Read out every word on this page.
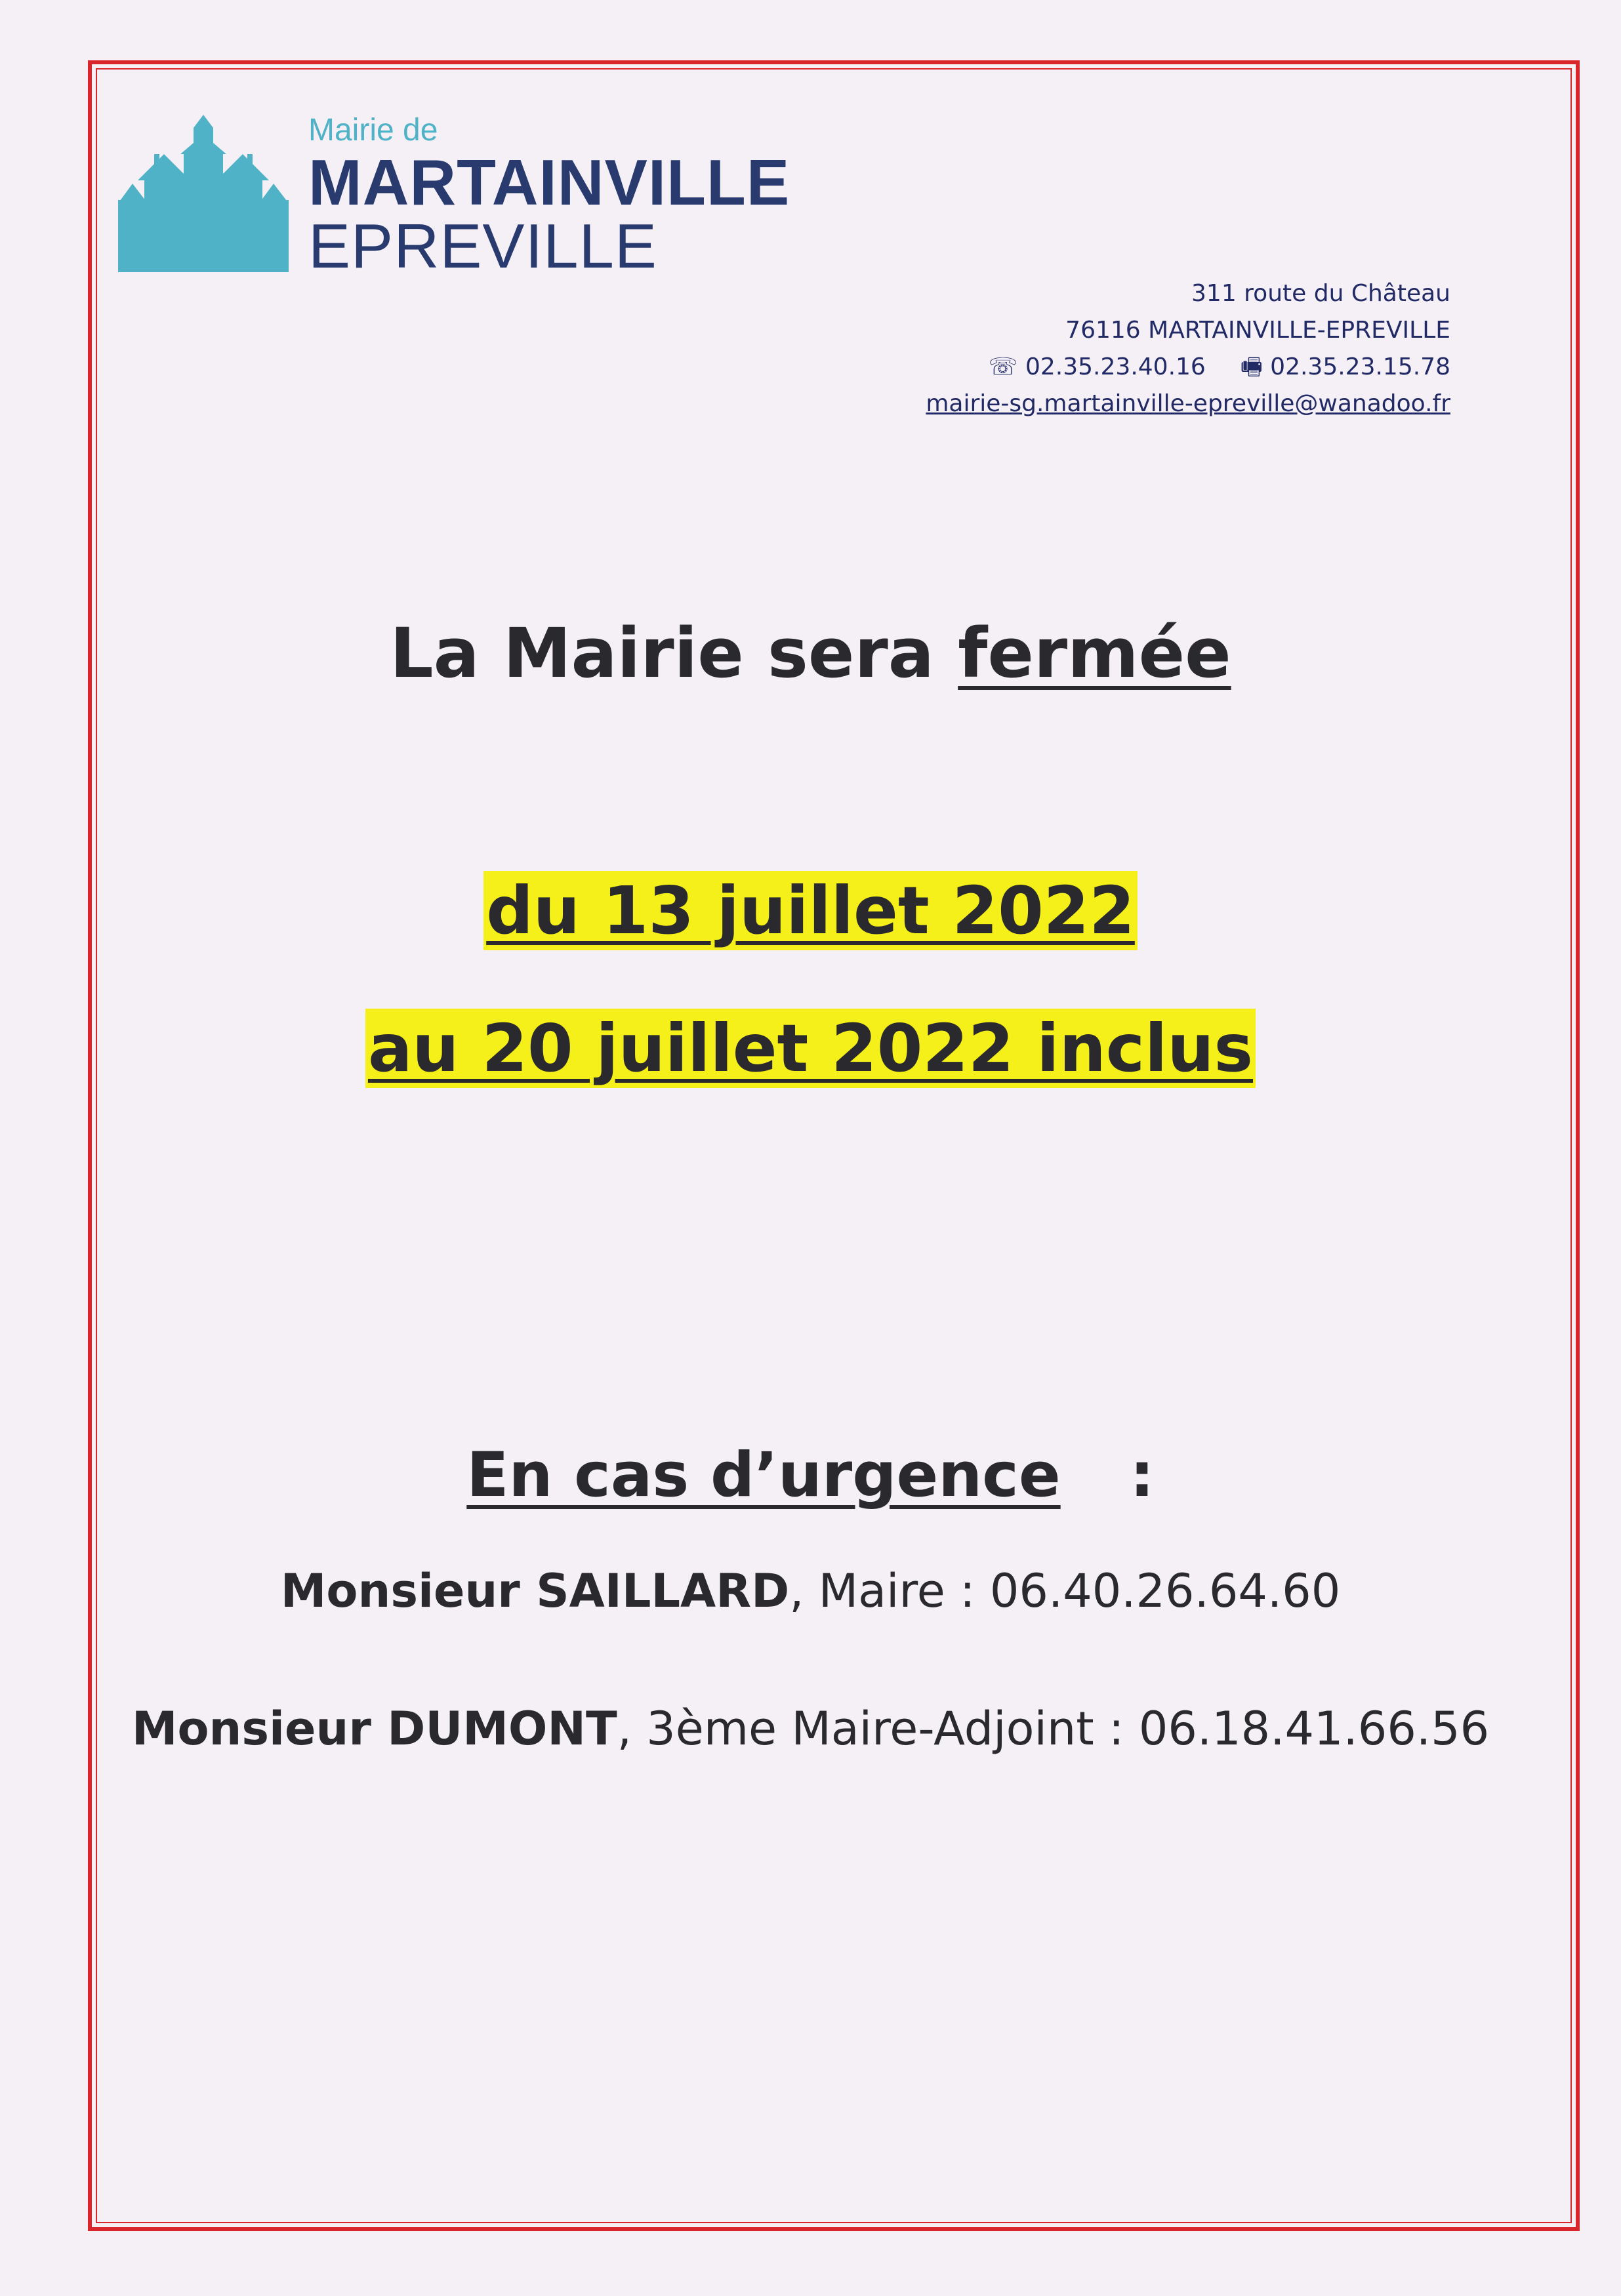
Mairie de
MARTAINVILLE
EPREVILLE
311 route du Château
76116 MARTAINVILLE-EPREVILLE
☏ 02.35.23.40.16 🖷 02.35.23.15.78
mairie-sg.martainville-epreville@wanadoo.fr
La Mairie sera fermée
du 13 juillet 2022
au 20 juillet 2022 inclus
En cas d’urgence :
Monsieur SAILLARD, Maire : 06.40.26.64.60
Monsieur DUMONT, 3ème Maire-Adjoint : 06.18.41.66.56
